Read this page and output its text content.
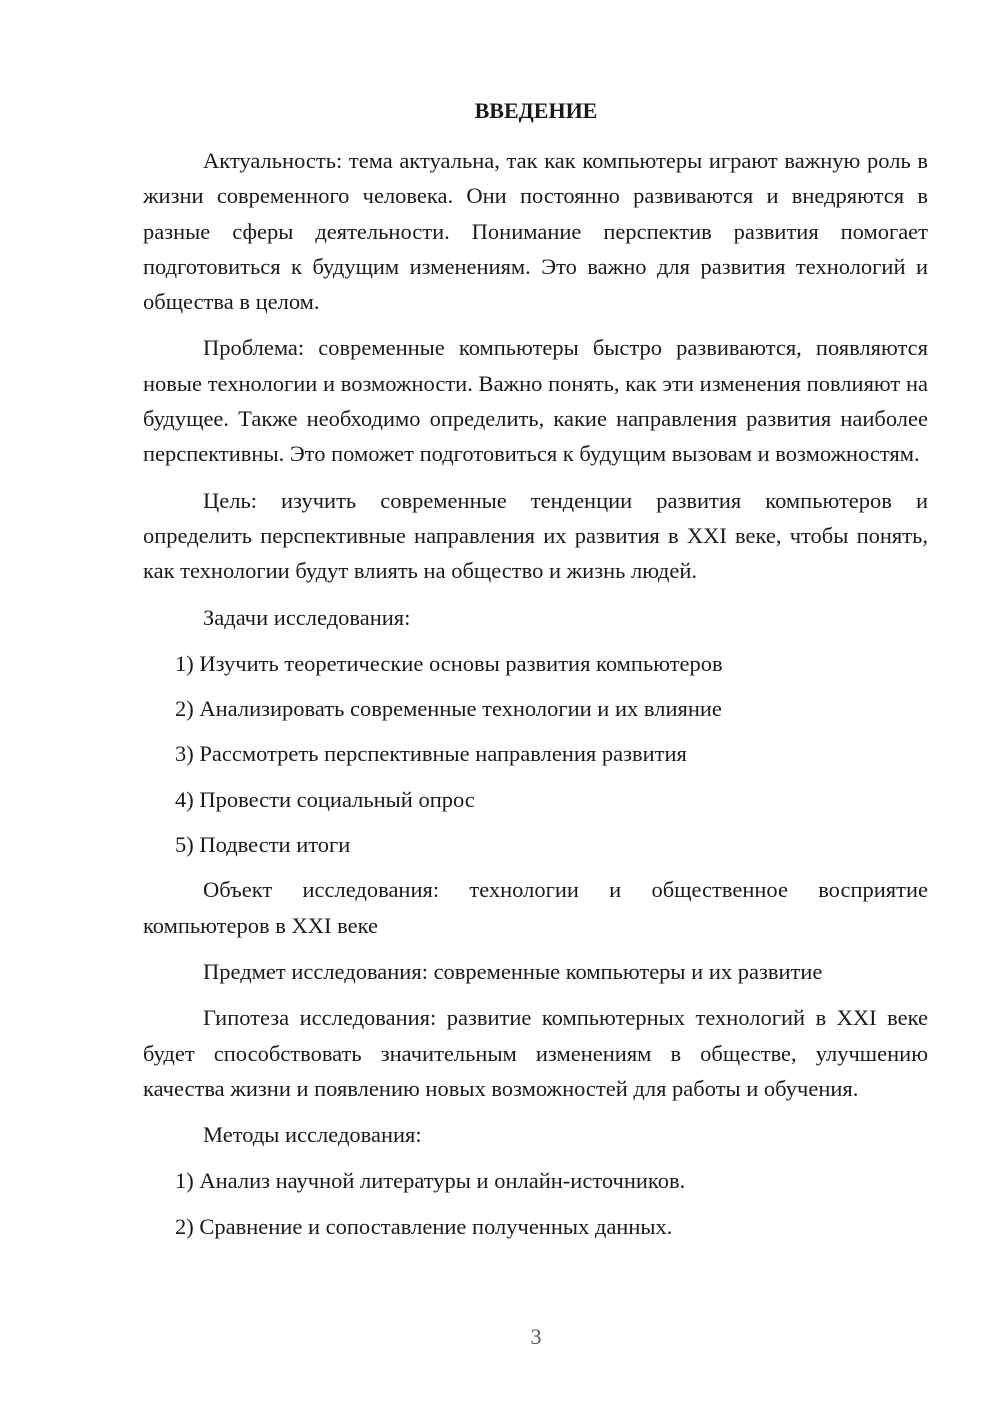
ВВЕДЕНИЕ

Актуальность: тема актуальна, так как компьютеры играют важную роль в жизни современного человека. Они постоянно развиваются и внедряются в разные сферы деятельности. Понимание перспектив развития помогает подготовиться к будущим изменениям. Это важно для развития технологий и общества в целом.

Проблема: современные компьютеры быстро развиваются, появляются новые технологии и возможности. Важно понять, как эти изменения повлияют на будущее. Также необходимо определить, какие направления развития наиболее перспективны. Это поможет подготовиться к будущим вызовам и возможностям.

Цель: изучить современные тенденции развития компьютеров и определить перспективные направления их развития в XXI веке, чтобы понять, как технологии будут влиять на общество и жизнь людей.

Задачи исследования:

1) Изучить теоретические основы развития компьютеров
2) Анализировать современные технологии и их влияние
3) Рассмотреть перспективные направления развития
4) Провести социальный опрос
5) Подвести итоги

Объект исследования: технологии и общественное восприятие компьютеров в XXI веке

Предмет исследования: современные компьютеры и их развитие

Гипотеза исследования: развитие компьютерных технологий в XXI веке будет способствовать значительным изменениям в обществе, улучшению качества жизни и появлению новых возможностей для работы и обучения.

Методы исследования:

1) Анализ научной литературы и онлайн-источников.
2) Сравнение и сопоставление полученных данных.
3
